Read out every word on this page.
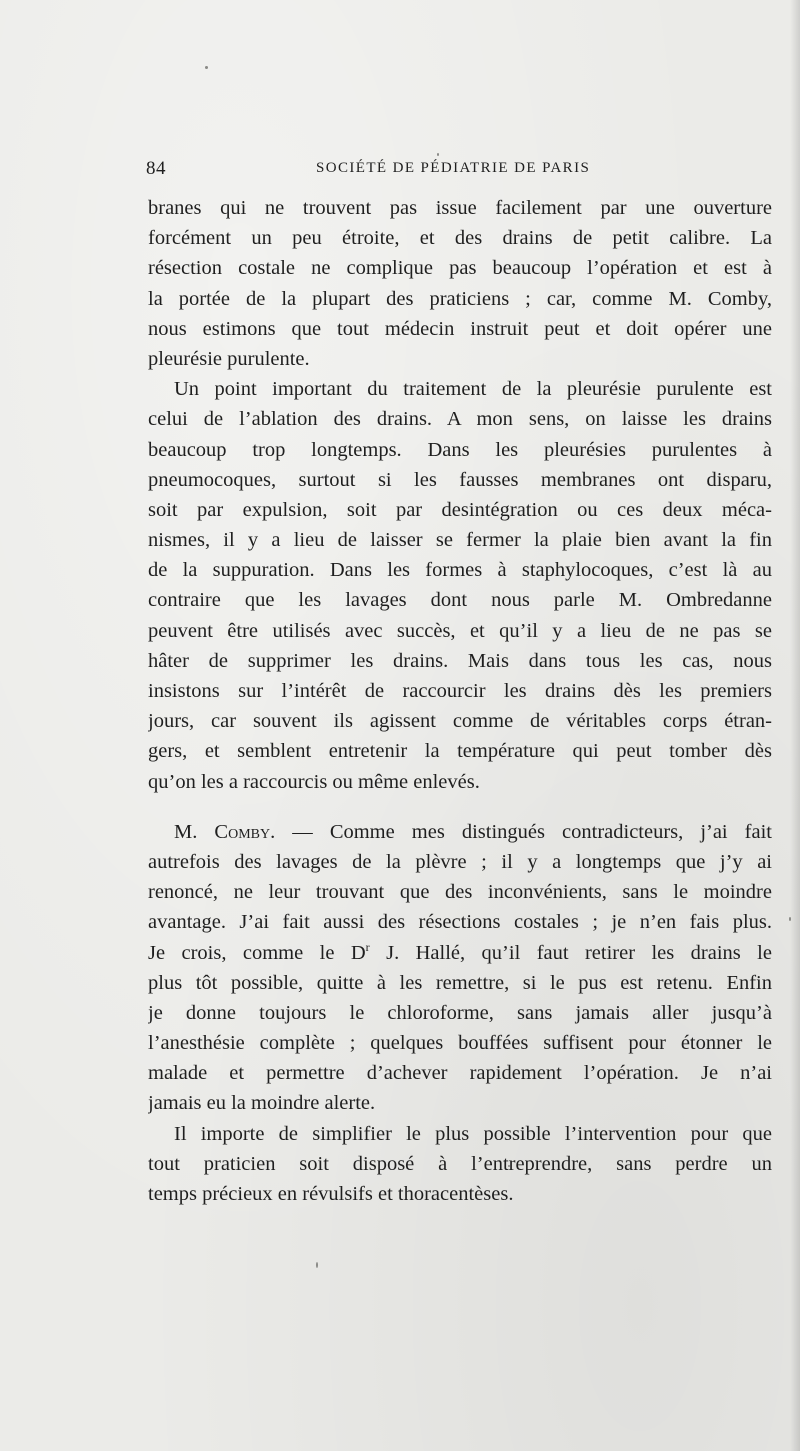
84	SOCIÉTÉ DE PÉDIATRIE DE PARIS
branes qui ne trouvent pas issue facilement par une ouverture
forcément un peu étroite, et des drains de petit calibre. La
résection costale ne complique pas beaucoup l’opération et est à
la portée de la plupart des praticiens ; car, comme M. Comby,
nous estimons que tout médecin instruit peut et doit opérer une
pleurésie purulente.
Un point important du traitement de la pleurésie purulente est
celui de l’ablation des drains. A mon sens, on laisse les drains
beaucoup trop longtemps. Dans les pleurésies purulentes à
pneumocoques, surtout si les fausses membranes ont disparu,
soit par expulsion, soit par desintégration ou ces deux méca-
nismes, il y a lieu de laisser se fermer la plaie bien avant la fin
de la suppuration. Dans les formes à staphylocoques, c’est là au
contraire que les lavages dont nous parle M. Ombredanne
peuvent être utilisés avec succès, et qu’il y a lieu de ne pas se
hâter de supprimer les drains. Mais dans tous les cas, nous
insistons sur l’intérêt de raccourcir les drains dès les premiers
jours, car souvent ils agissent comme de véritables corps étran-
gers, et semblent entretenir la température qui peut tomber dès
qu’on les a raccourcis ou même enlevés.
M. Comby. — Comme mes distingués contradicteurs, j’ai fait
autrefois des lavages de la plèvre ; il y a longtemps que j’y ai
renoncé, ne leur trouvant que des inconvénients, sans le moindre
avantage. J’ai fait aussi des résections costales ; je n’en fais plus.
Je crois, comme le $D^r$ J. Hallé, qu’il faut retirer les drains le
plus tôt possible, quitte à les remettre, si le pus est retenu. Enfin
je donne toujours le chloroforme, sans jamais aller jusqu’à
l’anesthésie complète ; quelques bouffées suffisent pour étonner le
malade et permettre d’achever rapidement l’opération. Je n’ai
jamais eu la moindre alerte.
Il importe de simplifier le plus possible l’intervention pour que
tout praticien soit disposé à l’entreprendre, sans perdre un
temps précieux en révulsifs et thoracentèses.
